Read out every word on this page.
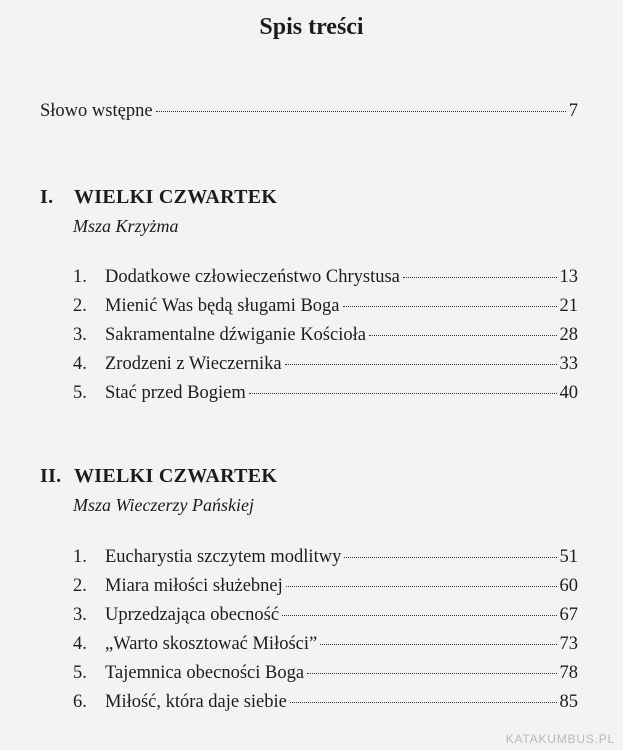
Spis treści
Słowo wstępne	7
I.	WIELKI CZWARTEK
Msza Krzyżma
1. Dodatkowe człowieczeństwo Chrystusa	13
2. Mienić Was będą sługami Boga	21
3. Sakramentalne dźwiganie Kościoła	28
4. Zrodzeni z Wieczernika	33
5. Stać przed Bogiem	40
II. WIELKI CZWARTEK
Msza Wieczerzy Pańskiej
1. Eucharystia szczytem modlitwy	51
2. Miara miłości służebnej	60
3. Uprzedzająca obecność	67
4. „Warto skosztować Miłości”	73
5. Tajemnica obecności Boga	78
6. Miłość, która daje siebie	85
KATAKUMBUS.PL
